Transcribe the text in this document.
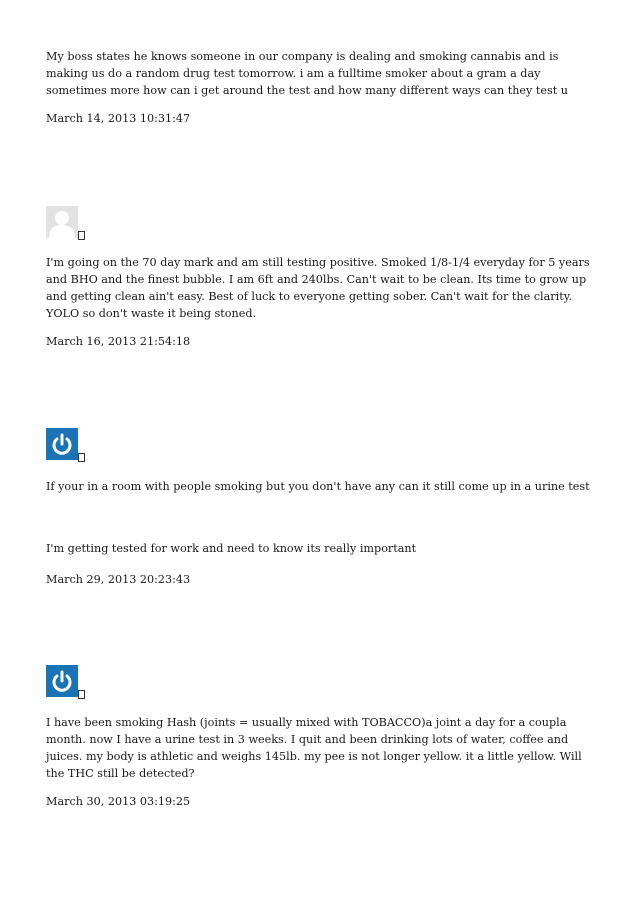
My boss states he knows someone in our company is dealing and smoking cannabis and is making us do a random drug test tomorrow. i am a fulltime smoker about a gram a day sometimes more how can i get around the test and how many different ways can they test u
March 14, 2013 10:31:47
I'm going on the 70 day mark and am still testing positive. Smoked 1/8-1/4 everyday for 5 years and BHO and the finest bubble. I am 6ft and 240lbs. Can't wait to be clean. Its time to grow up and getting clean ain't easy. Best of luck to everyone getting sober. Can't wait for the clarity. YOLO so don't waste it being stoned.
March 16, 2013 21:54:18
If your in a room with people smoking but you don't have any can it still come up in a urine test
I'm getting tested for work and need to know its really important
March 29, 2013 20:23:43
I have been smoking Hash (joints = usually mixed with TOBACCO)a joint a day for a coupla month. now I have a urine test in 3 weeks. I quit and been drinking lots of water, coffee and juices. my body is athletic and weighs 145lb. my pee is not longer yellow. it a little yellow. Will the THC still be detected?
March 30, 2013 03:19:25
